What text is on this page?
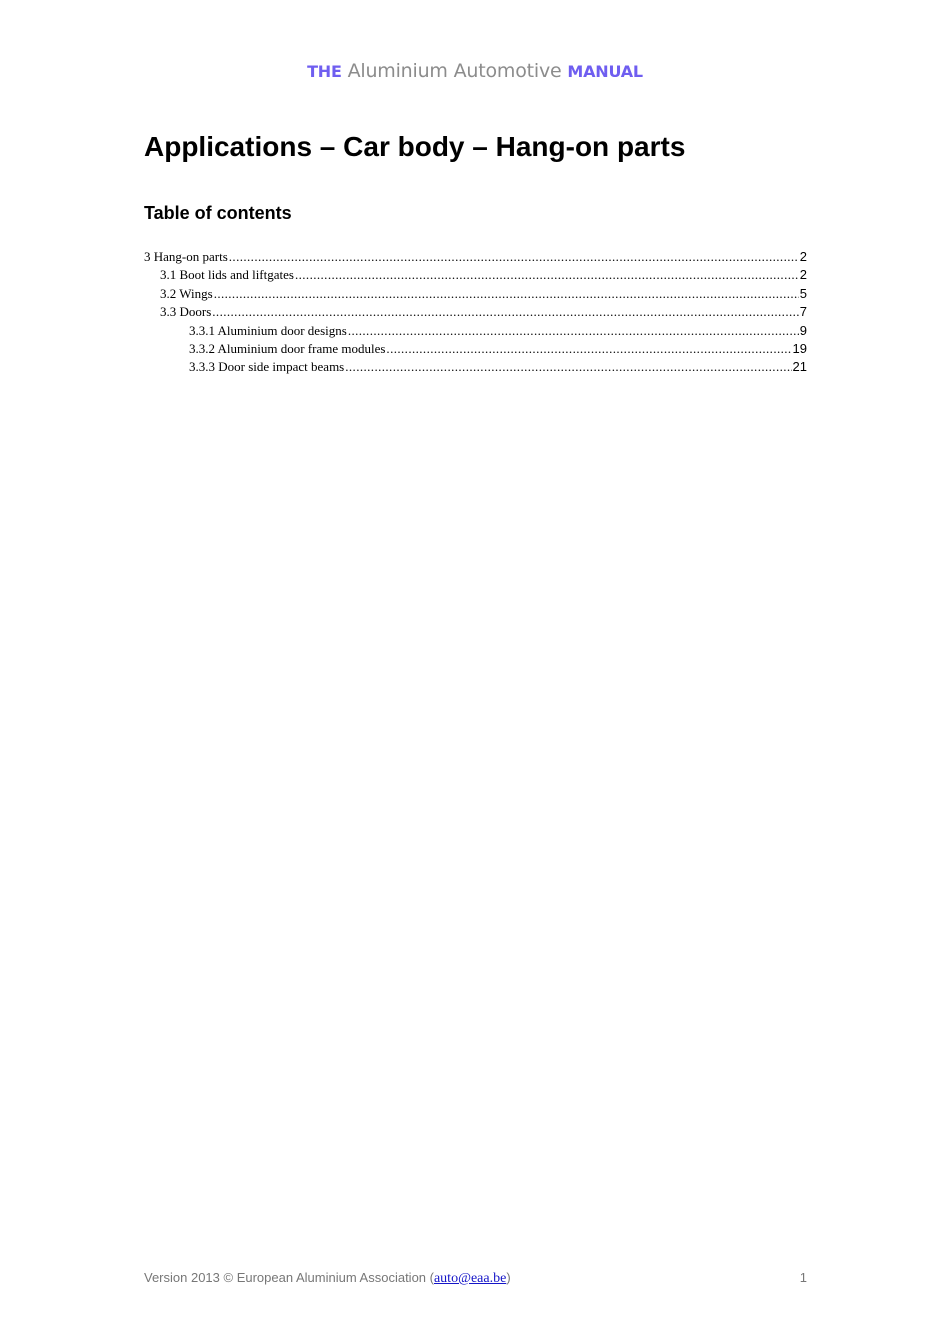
THE Aluminium Automotive MANUAL
Applications – Car body – Hang-on parts
Table of contents
3 Hang-on parts .....	2
3.1 Boot lids and liftgates .....	2
3.2 Wings .....	5
3.3 Doors .....	7
3.3.1 Aluminium door designs .....	9
3.3.2 Aluminium door frame modules .....	19
3.3.3 Door side impact beams .....	21
Version 2013 © European Aluminium Association (auto@eaa.be)	1
